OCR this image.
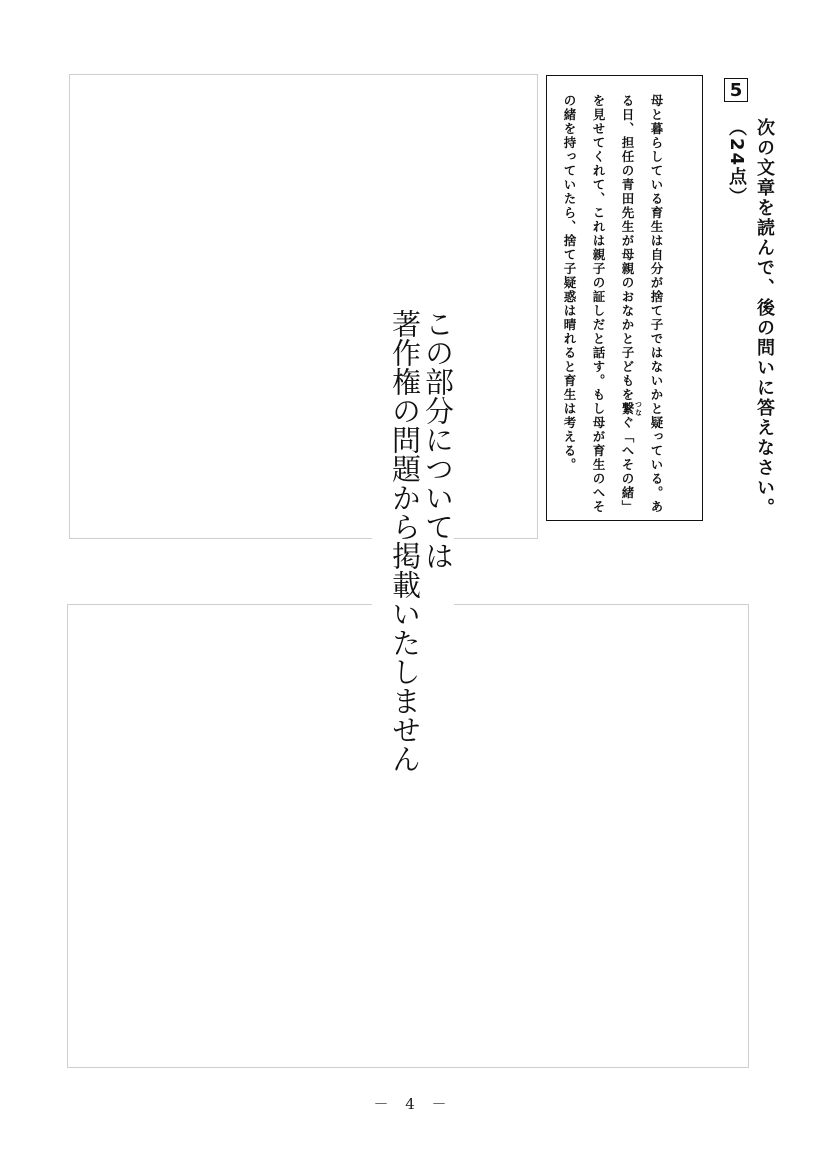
5
次の文章を読んで、後の問いに答えなさい。（24点）
母と暮らしている育生は自分が捨て子ではないかと疑っている。ある日、担任の青田先生が母親のおなかと子どもを繋 つなぐ「へその緒」を見せてくれて、これは親子の証しだと話す。もし母が育生のへその緒を持っていたら、捨て子疑惑は晴れると育生は考える。
この部分については
著作権の問題から掲載いたしません
－ 4 －
